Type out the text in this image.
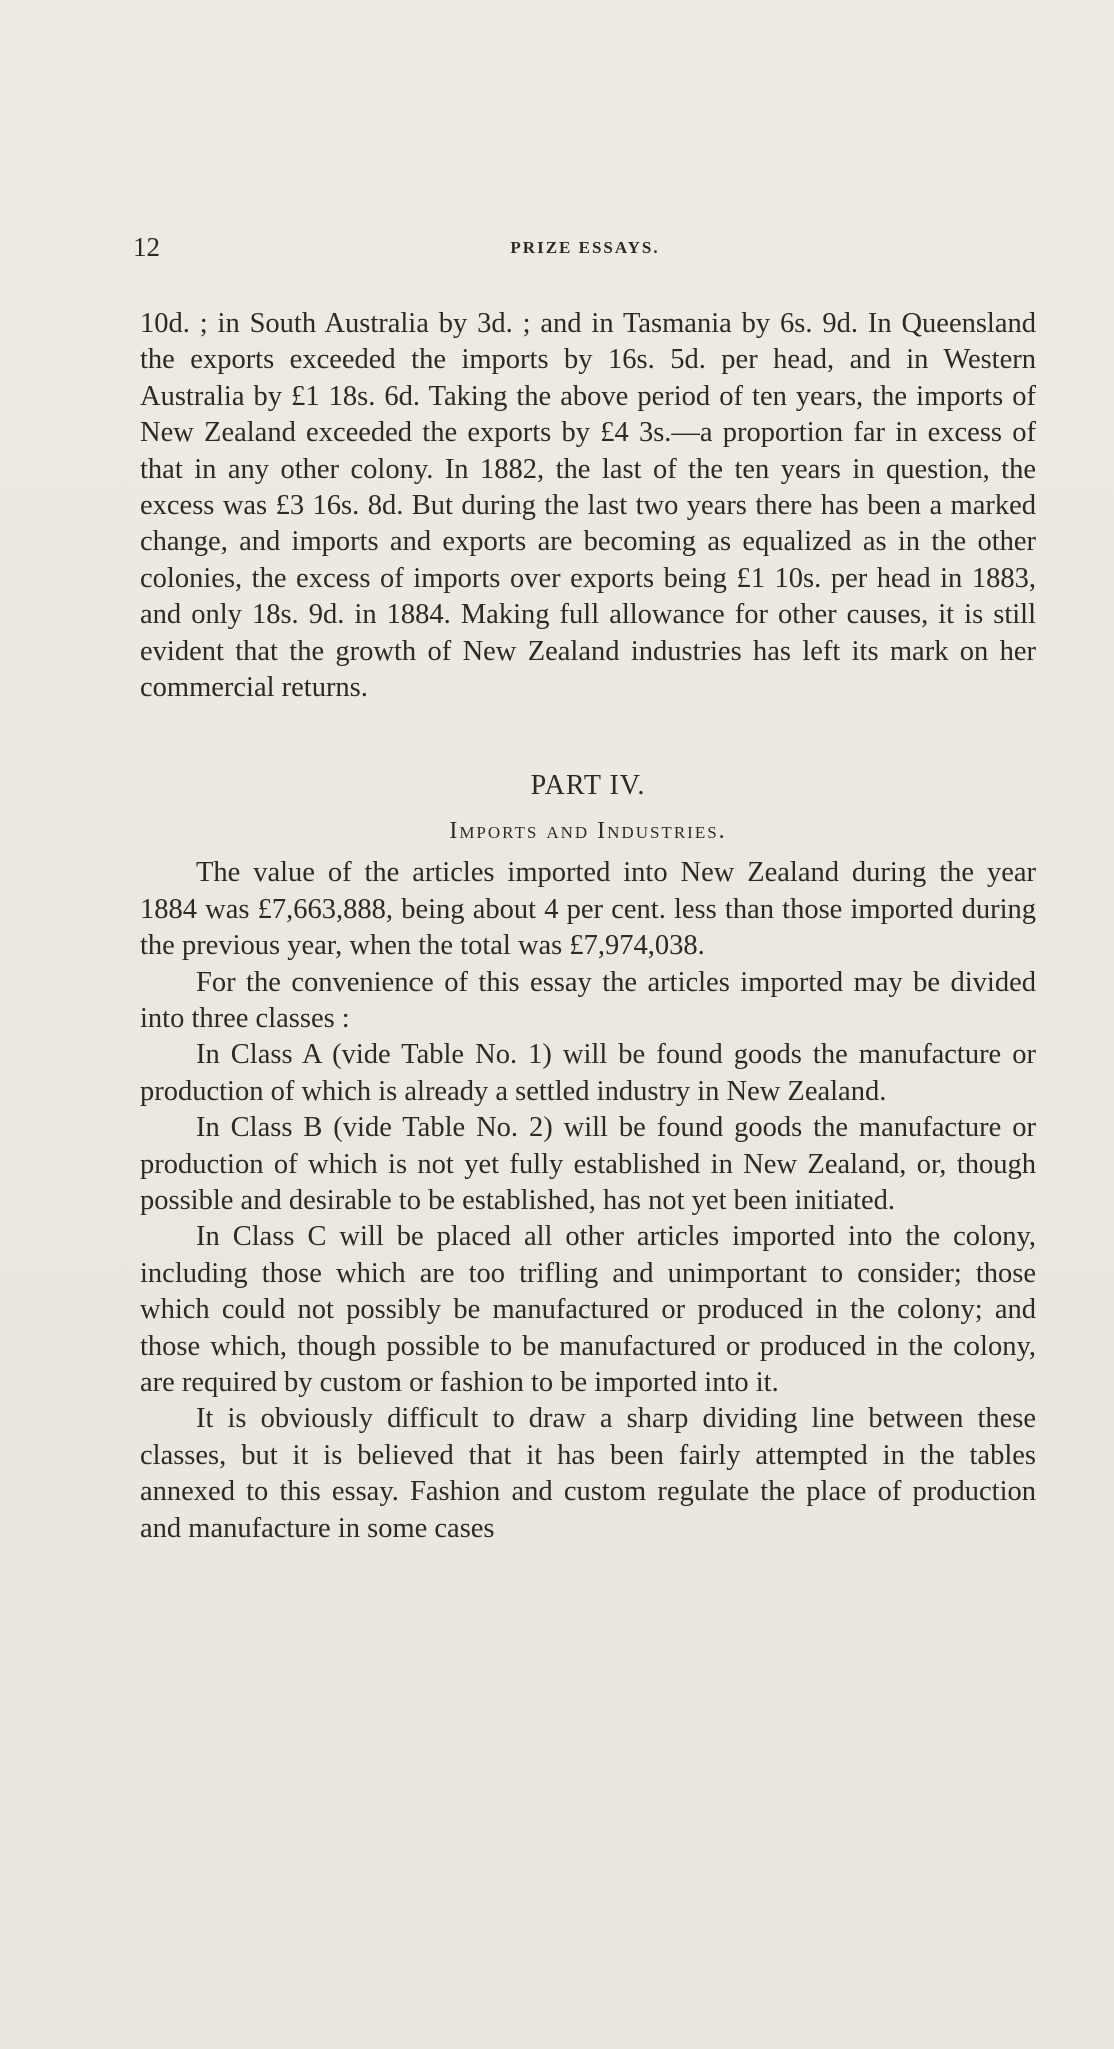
12	PRIZE ESSAYS.

10d. ; in South Australia by 3d. ; and in Tasmania by 6s. 9d. In Queensland the exports exceeded the imports by 16s. 5d. per head, and in Western Australia by £1 18s. 6d. Taking the above period of ten years, the imports of New Zealand exceeded the exports by £4 3s.—a proportion far in excess of that in any other colony. In 1882, the last of the ten years in question, the excess was £3 16s. 8d. But during the last two years there has been a marked change, and imports and exports are becoming as equalized as in the other colonies, the excess of imports over exports being £1 10s. per head in 1883, and only 18s. 9d. in 1884. Making full allowance for other causes, it is still evident that the growth of New Zealand industries has left its mark on her commercial returns.

PART IV.
Imports and Industries.

The value of the articles imported into New Zealand during the year 1884 was £7,663,888, being about 4 per cent. less than those imported during the previous year, when the total was £7,974,038.

For the convenience of this essay the articles imported may be divided into three classes :

In Class A (vide Table No. 1) will be found goods the manufacture or production of which is already a settled industry in New Zealand.

In Class B (vide Table No. 2) will be found goods the manufacture or production of which is not yet fully established in New Zealand, or, though possible and desirable to be established, has not yet been initiated.

In Class C will be placed all other articles imported into the colony, including those which are too trifling and unimportant to consider; those which could not possibly be manufactured or produced in the colony; and those which, though possible to be manufactured or produced in the colony, are required by custom or fashion to be imported into it.

It is obviously difficult to draw a sharp dividing line between these classes, but it is believed that it has been fairly attempted in the tables annexed to this essay. Fashion and custom regulate the place of production and manufacture in some cases
